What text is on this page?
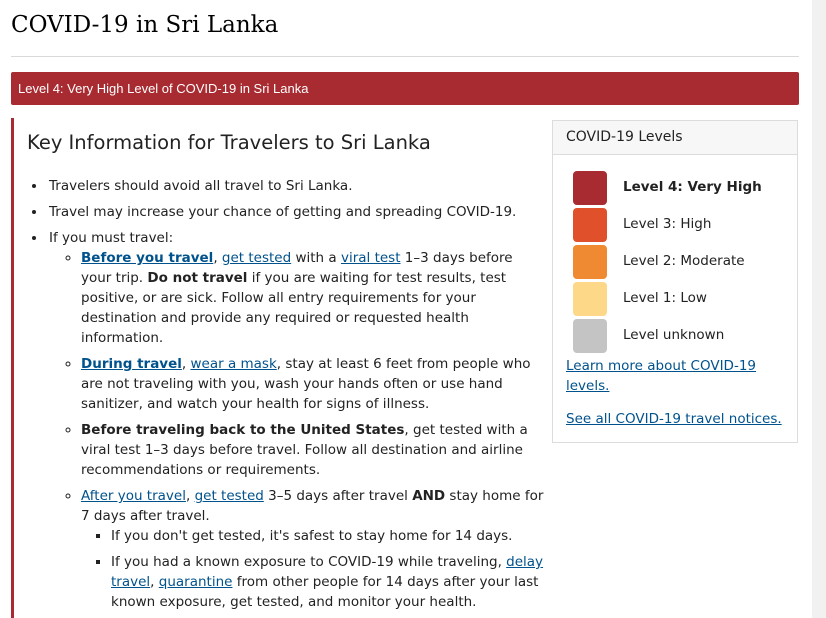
COVID-19 in Sri Lanka
Level 4: Very High Level of COVID-19 in Sri Lanka
Key Information for Travelers to Sri Lanka
• Travelers should avoid all travel to Sri Lanka.
• Travel may increase your chance of getting and spreading COVID-19.
• If you must travel:
◦ Before you travel, get tested with a viral test 1–3 days before your trip. Do not travel if you are waiting for test results, test positive, or are sick. Follow all entry requirements for your destination and provide any required or requested health information.
◦ During travel, wear a mask, stay at least 6 feet from people who are not traveling with you, wash your hands often or use hand sanitizer, and watch your health for signs of illness.
◦ Before traveling back to the United States, get tested with a viral test 1–3 days before travel. Follow all destination and airline recommendations or requirements.
◦ After you travel, get tested 3–5 days after travel AND stay home for 7 days after travel.
▪ If you don't get tested, it's safest to stay home for 14 days.
▪ If you had a known exposure to COVID-19 while traveling, delay travel, quarantine from other people for 14 days after your last known exposure, get tested, and monitor your health.
COVID-19 Levels
Level 4: Very High
Level 3: High
Level 2: Moderate
Level 1: Low
Level unknown
Learn more about COVID-19 levels.
See all COVID-19 travel notices.
